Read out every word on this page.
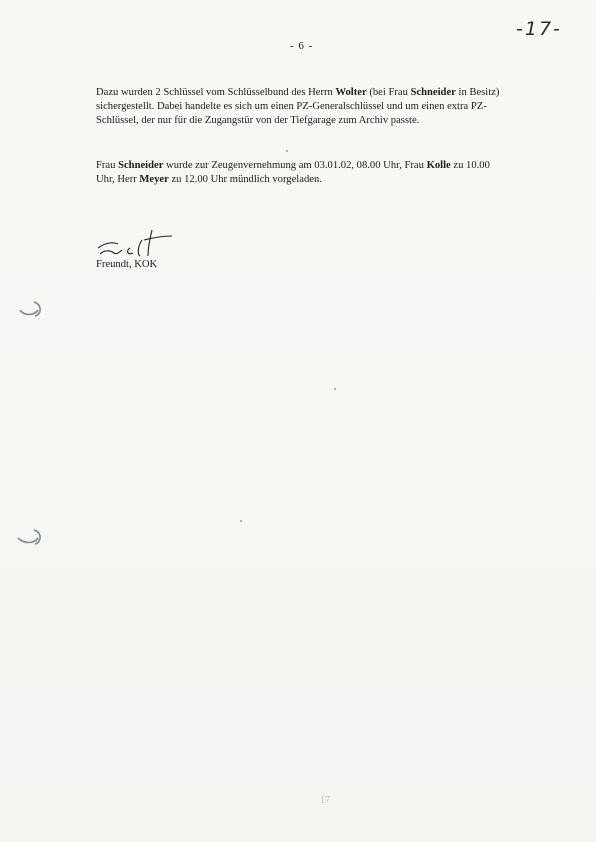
-17-
- 6 -

Dazu wurden 2 Schlüssel vom Schlüsselbund des Herrn Wolter (bei Frau Schneider in Besitz) sichergestellt. Dabei handelte es sich um einen PZ-Generalschlüssel und um einen extra PZ-Schlüssel, der nur für die Zugangstür von der Tiefgarage zum Archiv passte.

Frau Schneider wurde zur Zeugenvernehmung am 03.01.02, 08.00 Uhr, Frau Kolle zu 10.00 Uhr, Herr Meyer zu 12.00 Uhr mündlich vorgeladen.

Freundt, KOK
17
